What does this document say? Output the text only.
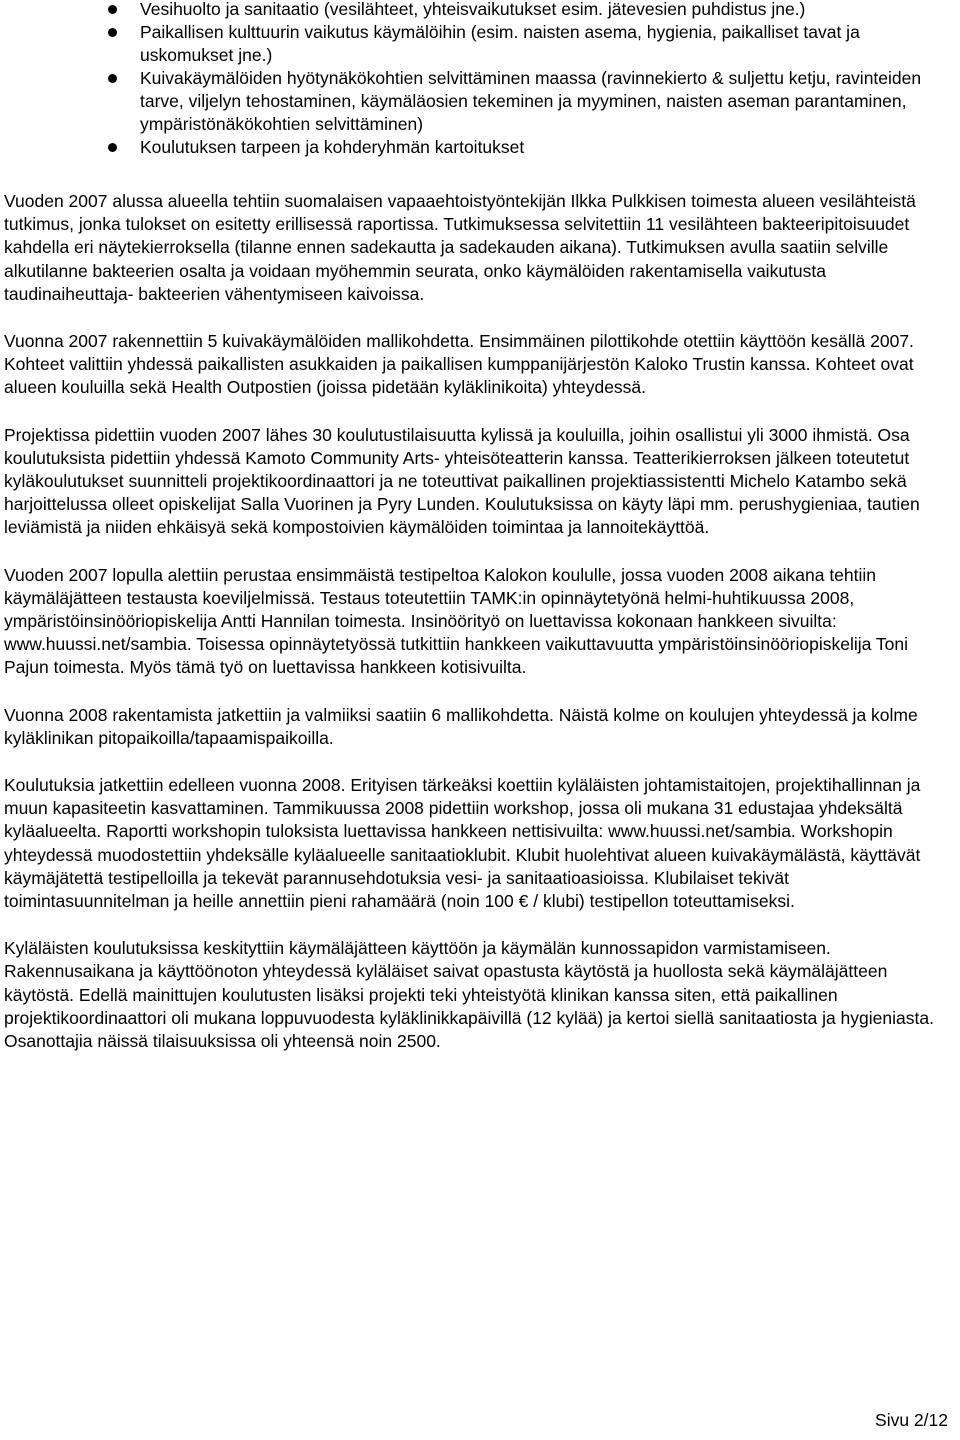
Vesihuolto ja sanitaatio (vesilähteet, yhteisvaikutukset esim. jätevesien puhdistus jne.)
Paikallisen kulttuurin vaikutus käymälöihin (esim. naisten asema, hygienia, paikalliset tavat ja uskomukset jne.)
Kuivakäymälöiden hyötynäkökohtien selvittäminen maassa (ravinnekierto & suljettu ketju, ravinteiden tarve, viljelyn tehostaminen, käymäläosien tekeminen ja myyminen, naisten aseman parantaminen, ympäristönäkökohtien selvittäminen)
Koulutuksen tarpeen ja kohderyhmän kartoitukset

Vuoden 2007 alussa alueella tehtiin suomalaisen vapaaehtoistyöntekijän Ilkka Pulkkisen toimesta alueen vesilähteistä tutkimus, jonka tulokset on esitetty erillisessä raportissa. Tutkimuksessa selvitettiin 11 vesilähteen bakteeripitoisuudet kahdella eri näytekierroksella (tilanne ennen sadekautta ja sadekauden aikana). Tutkimuksen avulla saatiin selville alkutilanne bakteerien osalta ja voidaan myöhemmin seurata, onko käymälöiden rakentamisella vaikutusta taudinaiheuttaja- bakteerien vähentymiseen kaivoissa.

Vuonna 2007 rakennettiin 5 kuivakäymälöiden mallikohdetta. Ensimmäinen pilottikohde otettiin käyttöön kesällä 2007. Kohteet valittiin yhdessä paikallisten asukkaiden ja paikallisen kumppanijärjestön Kaloko Trustin kanssa. Kohteet ovat alueen kouluilla sekä Health Outpostien (joissa pidetään kyläklinikoita) yhteydessä.

Projektissa pidettiin vuoden 2007 lähes 30 koulutustilaisuutta kylissä ja kouluilla, joihin osallistui yli 3000 ihmistä. Osa koulutuksista pidettiin yhdessä Kamoto Community Arts- yhteisöteatterin kanssa. Teatterikierroksen jälkeen toteutetut kyläkoulutukset suunnitteli projektikoordinaattori ja ne toteuttivat paikallinen projektiassistentti Michelo Katambo sekä harjoittelussa olleet opiskelijat Salla Vuorinen ja Pyry Lunden. Koulutuksissa on käyty läpi mm. perushygieniaa, tautien leviämistä ja niiden ehkäisyä sekä kompostoivien käymälöiden toimintaa ja lannoitekäyttöä.

Vuoden 2007 lopulla alettiin perustaa ensimmäistä testipeltoa Kalokon koululle, jossa vuoden 2008 aikana tehtiin käymäläjätteen testausta koeviljelmissä. Testaus toteutettiin TAMK:in opinnäytetyönä helmi-huhtikuussa 2008, ympäristöinsinööriopiskelija Antti Hannilan toimesta. Insinöörityö on luettavissa kokonaan hankkeen sivuilta: www.huussi.net/sambia. Toisessa opinnäytetyössä tutkittiin hankkeen vaikuttavuutta ympäristöinsinööriopiskelija Toni Pajun toimesta. Myös tämä työ on luettavissa hankkeen kotisivuilta.

Vuonna 2008 rakentamista jatkettiin ja valmiiksi saatiin 6 mallikohdetta. Näistä kolme on koulujen yhteydessä ja kolme kyläklinikan pitopaikoilla/tapaamispaikoilla.

Koulutuksia jatkettiin edelleen vuonna 2008. Erityisen tärkeäksi koettiin kyläläisten johtamistaitojen, projektihallinnan ja muun kapasiteetin kasvattaminen. Tammikuussa 2008 pidettiin workshop, jossa oli mukana 31 edustajaa yhdeksältä kyläalueelta. Raportti workshopin tuloksista luettavissa hankkeen nettisivuilta: www.huussi.net/sambia. Workshopin yhteydessä muodostettiin yhdeksälle kyläalueelle sanitaatioklubit. Klubit huolehtivat alueen kuivakäymälästä, käyttävät käymäjätettä testipelloilla ja tekevät parannusehdotuksia vesi- ja sanitaatioasioissa. Klubilaiset tekivät toimintasuunnitelman ja heille annettiin pieni rahamäärä (noin 100 € / klubi) testipellon toteuttamiseksi.

Kyläläisten koulutuksissa keskityttiin käymäläjätteen käyttöön ja käymälän kunnossapidon varmistamiseen. Rakennusaikana ja käyttöönoton yhteydessä kyläläiset saivat opastusta käytöstä ja huollosta sekä käymäläjätteen käytöstä. Edellä mainittujen koulutusten lisäksi projekti teki yhteistyötä klinikan kanssa siten, että paikallinen projektikoordinaattori oli mukana loppuvuodesta kyläklinikkapäivillä (12 kylää) ja kertoi siellä sanitaatiosta ja hygieniasta. Osanottajia näissä tilaisuuksissa oli yhteensä noin 2500.

Sivu 2/12
